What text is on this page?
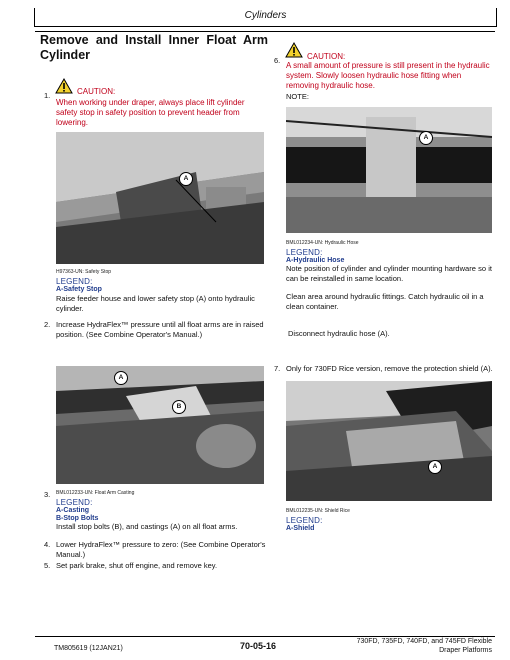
Cylinders
Remove and Install Inner Float Arm Cylinder
1.	CAUTION:
When working under draper, always place lift cylinder safety stop in safety position to prevent header from lowering.
A
H97363-UN: Safety Stop
LEGEND:
A-Safety Stop
Raise feeder house and lower safety stop (A) onto hydraulic cylinder.
2. Increase HydraFlex™ pressure until all float arms are in raised position. (See Combine Operator's Manual.)
A
B
3. BML012233-UN: Float Arm Casting
LEGEND:
A-Casting
B-Stop Bolts
Install stop bolts (B), and castings (A) on all float arms.
4. Lower HydraFlex™ pressure to zero: (See Combine Operator's Manual.)
5. Set park brake, shut off engine, and remove key.
6.	CAUTION:
A small amount of pressure is still present in the hydraulic system. Slowly loosen hydraulic hose fitting when removing hydraulic hose.
NOTE:
A
BML012234-UN: Hydraulic Hose
LEGEND:
A-Hydraulic Hose
Note position of cylinder and cylinder mounting hardware so it can be reinstalled in same location.
Clean area around hydraulic fittings. Catch hydraulic oil in a clean container.
Disconnect hydraulic hose (A).
7. Only for 730FD Rice version, remove the protection shield (A).
A
BML012235-UN: Shield Rice
LEGEND:
A-Shield
TM805619 (12JAN21)	70-05-16	730FD, 735FD, 740FD, and 745FD Flexible
Draper Platforms
